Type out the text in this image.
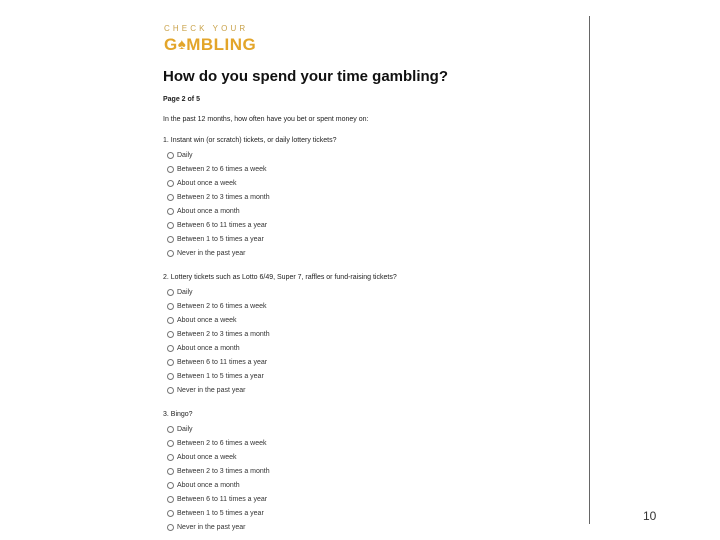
CHECK YOUR
G♠MBLING
How do you spend your time gambling?
Page 2 of 5
In the past 12 months, how often have you bet or spent money on:
1. Instant win (or scratch) tickets, or daily lottery tickets?
Daily
Between 2 to 6 times a week
About once a week
Between 2 to 3 times a month
About once a month
Between 6 to 11 times a year
Between 1 to 5 times a year
Never in the past year
2. Lottery tickets such as Lotto 6/49, Super 7, raffles or fund-raising tickets?
Daily
Between 2 to 6 times a week
About once a week
Between 2 to 3 times a month
About once a month
Between 6 to 11 times a year
Between 1 to 5 times a year
Never in the past year
3. Bingo?
Daily
Between 2 to 6 times a week
About once a week
Between 2 to 3 times a month
About once a month
Between 6 to 11 times a year
Between 1 to 5 times a year
Never in the past year
10
